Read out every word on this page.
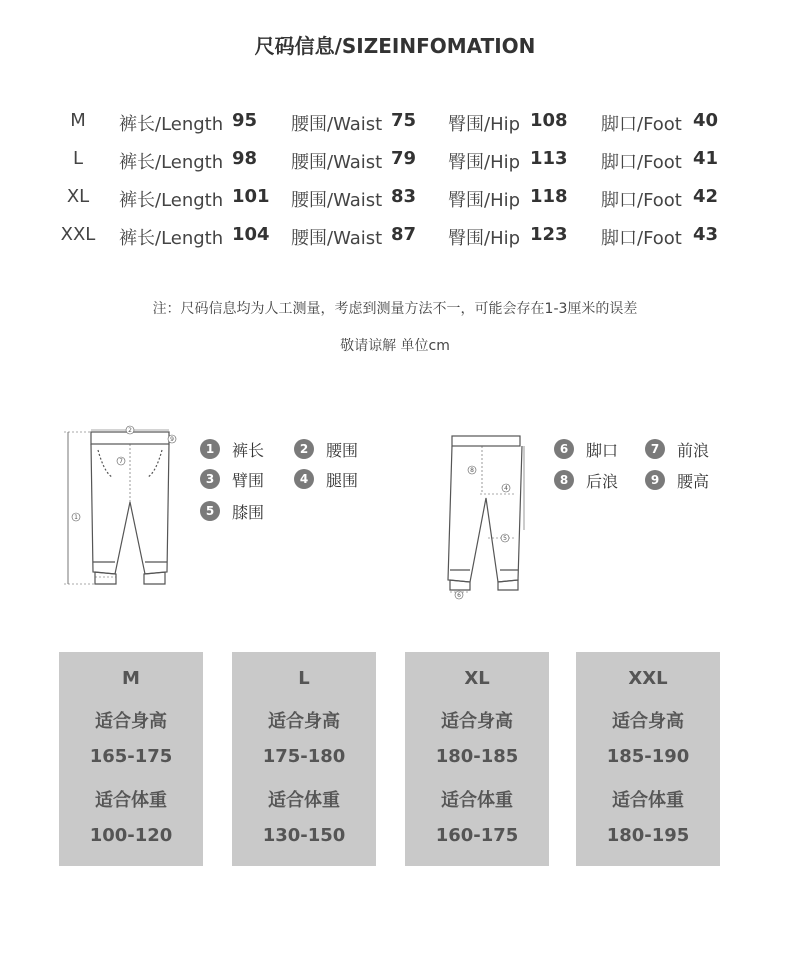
尺码信息/SIZEINFOMATION
M	裤长/Length 95 腰围/Waist 75 臀围/Hip 108 脚口/Foot 40
L	裤长/Length 98 腰围/Waist 79 臀围/Hip 113 脚口/Foot 41
XL	裤长/Length 101 腰围/Waist 83 臀围/Hip 118 脚口/Foot 42
XXL	裤长/Length 104 腰围/Waist 87 臀围/Hip 123 脚口/Foot 43
注：尺码信息均为人工测量，考虑到测量方法不一，可能会存在1-3厘米的误差
敬请谅解 单位cm
1
2
7
9
8
4
5
6
1	裤长	2	腰围
3	臂围	4	腿围
5	膝围
6	脚口	7	前浪
8	后浪	9	腰高
M
适合身高
165-175
适合体重
100-120
L
适合身高
175-180
适合体重
130-150
XL
适合身高
180-185
适合体重
160-175
XXL
适合身高
185-190
适合体重
180-195
